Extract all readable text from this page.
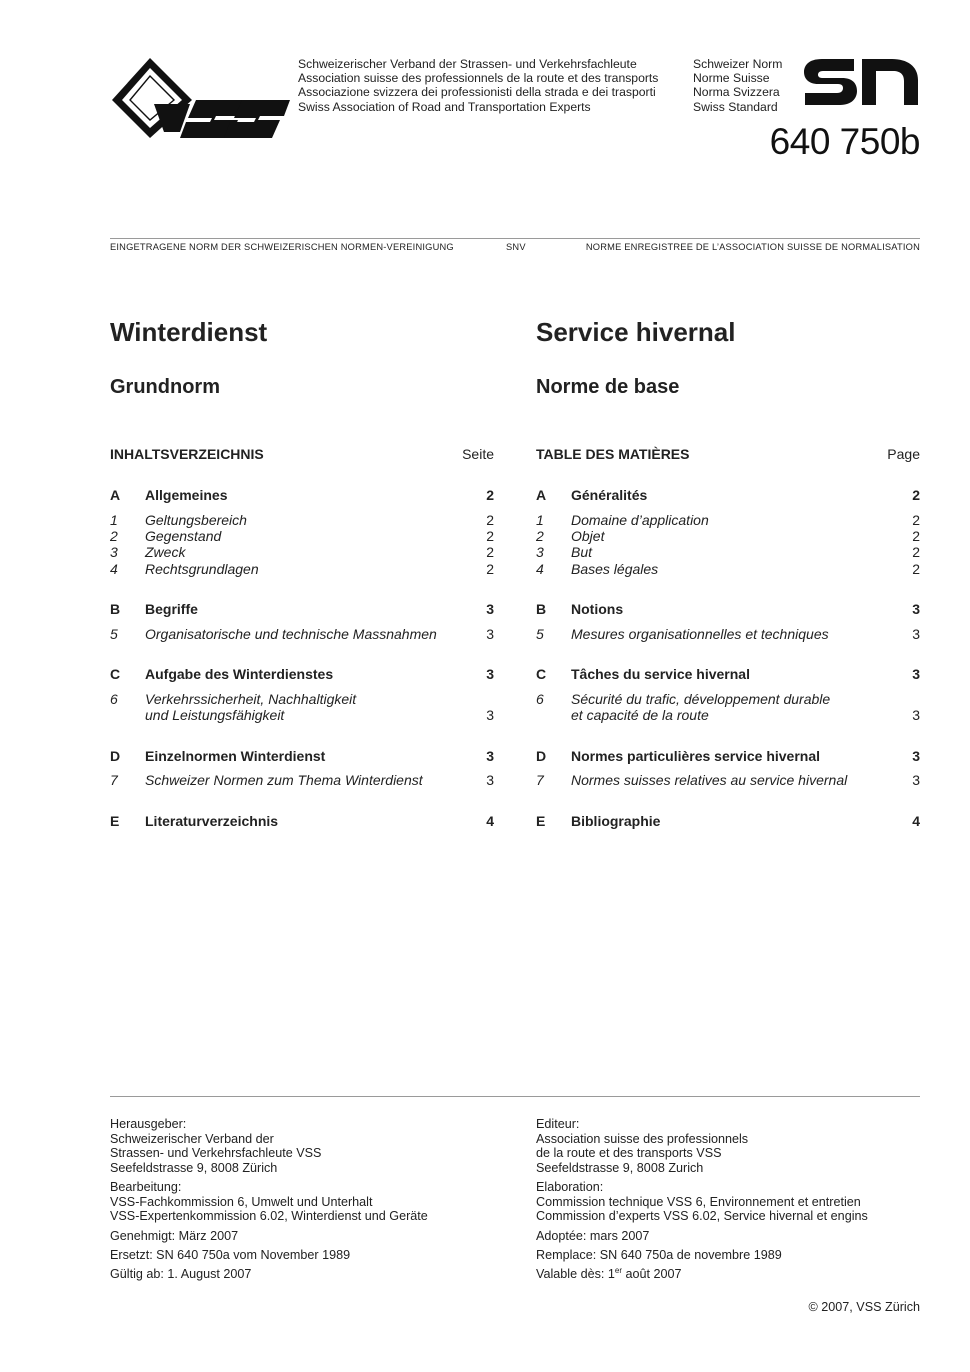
VSS
Schweizerischer Verband der Strassen- und Verkehrsfachleute
Association suisse des professionnels de la route et des transports
Associazione svizzera dei professionisti della strada e dei trasporti
Swiss Association of Road and Transportation Experts
Schweizer Norm
Norme Suisse
Norma Svizzera
Swiss Standard
SN
640 750b
EINGETRAGENE NORM DER SCHWEIZERISCHEN NORMEN-VEREINIGUNG	SNV	NORME ENREGISTREE DE L’ASSOCIATION SUISSE DE NORMALISATION
Winterdienst
Grundnorm
Service hivernal
Norme de base
INHALTSVERZEICHNIS	Seite
A Allgemeines	2
1 Geltungsbereich	2
2 Gegenstand	2
3 Zweck	2
4 Rechtsgrundlagen	2
B Begriffe	3
5 Organisatorische und technische Massnahmen	3
C Aufgabe des Winterdienstes	3
6 Verkehrssicherheit, Nachhaltigkeit
und Leistungsfähigkeit	3
D Einzelnormen Winterdienst	3
7 Schweizer Normen zum Thema Winterdienst	3
E Literaturverzeichnis	4
TABLE DES MATIÈRES	Page
A Généralités	2
1 Domaine d’application	2
2 Objet	2
3 But	2
4 Bases légales	2
B Notions	3
5 Mesures organisationnelles et techniques	3
C Tâches du service hivernal	3
6 Sécurité du trafic, développement durable
et capacité de la route	3
D Normes particulières service hivernal	3
7 Normes suisses relatives au service hivernal	3
E Bibliographie	4
Herausgeber:
Schweizerischer Verband der
Strassen- und Verkehrsfachleute VSS
Seefeldstrasse 9, 8008 Zürich
Bearbeitung:
VSS-Fachkommission 6, Umwelt und Unterhalt
VSS-Expertenkommission 6.02, Winterdienst und Geräte
Genehmigt: März 2007
Ersetzt: SN 640 750a vom November 1989
Gültig ab: 1. August 2007
Editeur:
Association suisse des professionnels
de la route et des transports VSS
Seefeldstrasse 9, 8008 Zurich
Elaboration:
Commission technique VSS 6, Environnement et entretien
Commission d’experts VSS 6.02, Service hivernal et engins
Adoptée: mars 2007
Remplace: SN 640 750a de novembre 1989
Valable dès: 1er août 2007
© 2007, VSS Zürich
